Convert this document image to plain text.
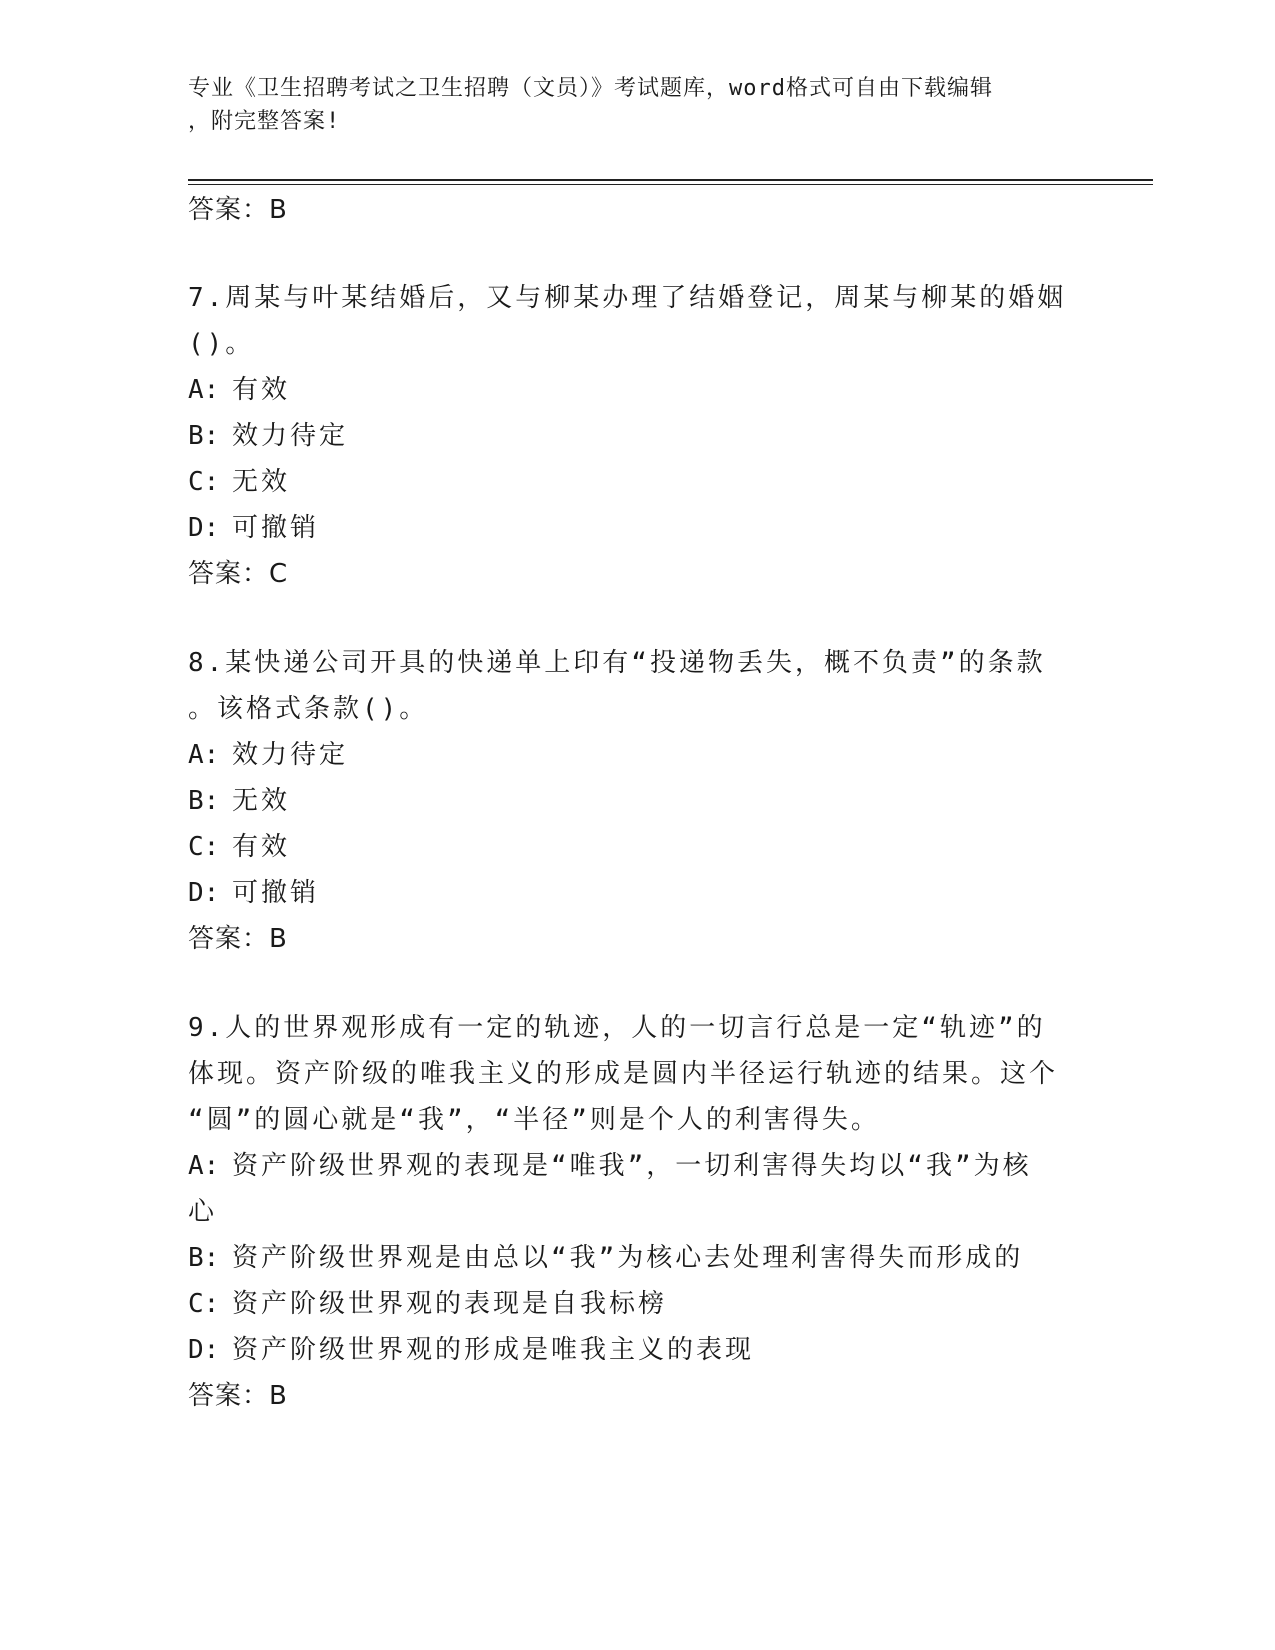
专业《卫生招聘考试之卫生招聘（文员）》考试题库，word格式可自由下载编辑
，附完整答案!
答案：B
7.周某与叶某结婚后，又与柳某办理了结婚登记，周某与柳某的婚姻
()。
A: 有效
B: 效力待定
C: 无效
D: 可撤销
答案：C
8.某快递公司开具的快递单上印有“投递物丢失，概不负责”的条款
。该格式条款()。
A: 效力待定
B: 无效
C: 有效
D: 可撤销
答案：B
9.人的世界观形成有一定的轨迹，人的一切言行总是一定“轨迹”的
体现。资产阶级的唯我主义的形成是圆内半径运行轨迹的结果。这个
“圆”的圆心就是“我”，“半径”则是个人的利害得失。
A: 资产阶级世界观的表现是“唯我”，一切利害得失均以“我”为核
心
B: 资产阶级世界观是由总以“我”为核心去处理利害得失而形成的
C: 资产阶级世界观的表现是自我标榜
D: 资产阶级世界观的形成是唯我主义的表现
答案：B
